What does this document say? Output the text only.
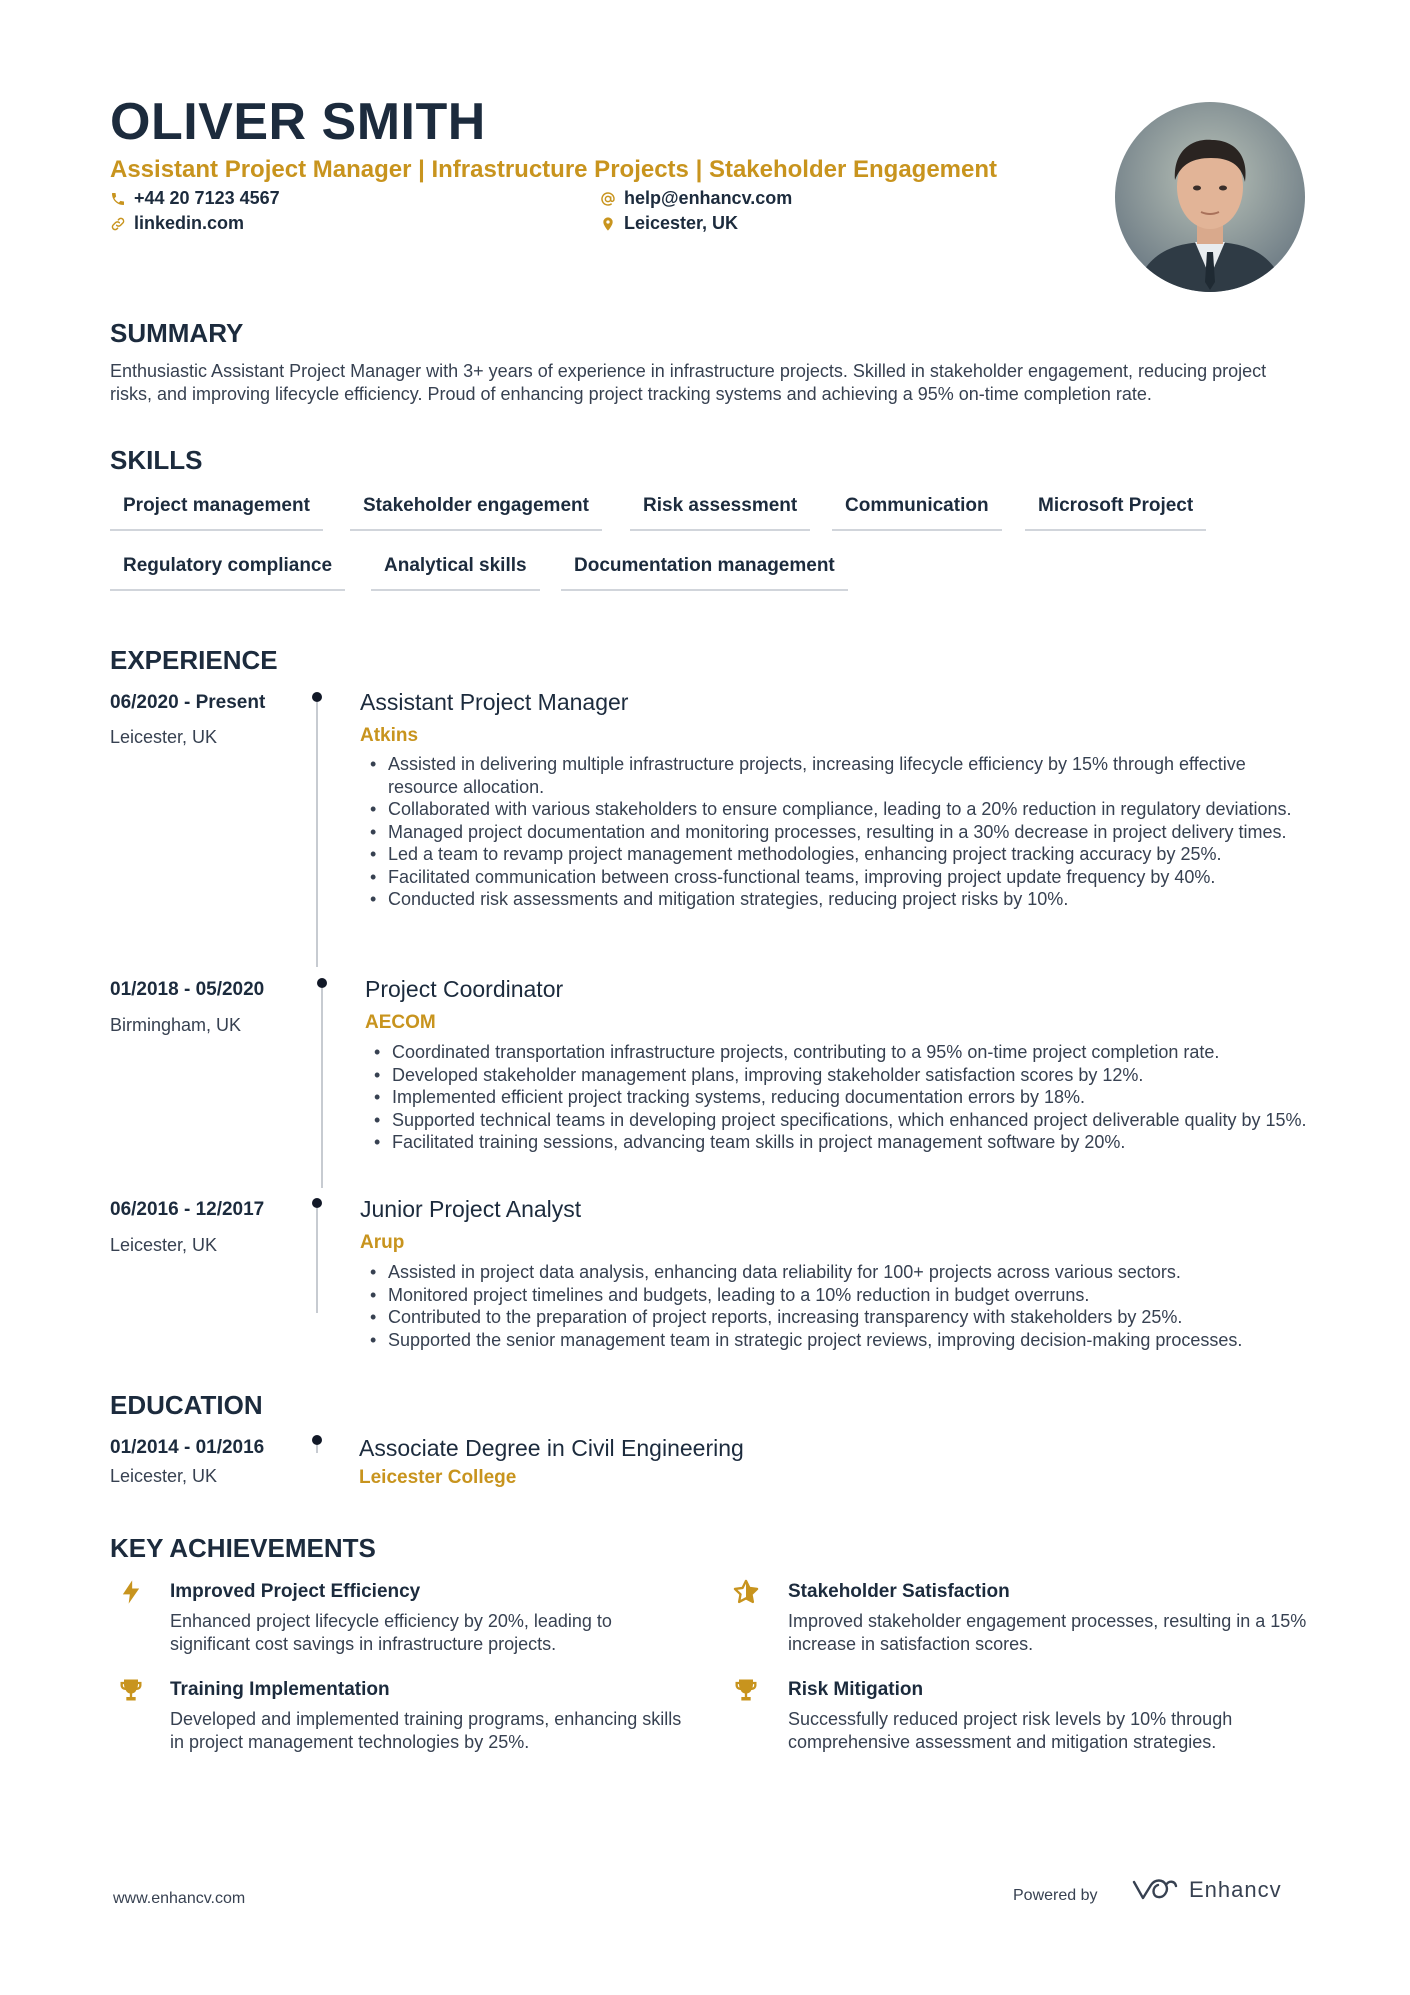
OLIVER SMITH
Assistant Project Manager | Infrastructure Projects | Stakeholder Engagement
+44 20 7123 4567	help@enhancv.com
linkedin.com	Leicester, UK
SUMMARY

Enthusiastic Assistant Project Manager with 3+ years of experience in infrastructure projects. Skilled in stakeholder engagement, reducing project risks, and improving lifecycle efficiency. Proud of enhancing project tracking systems and achieving a 95% on-time completion rate.

SKILLS
Project management	Stakeholder engagement	Risk assessment	Communication	Microsoft Project
Regulatory compliance	Analytical skills	Documentation management
EXPERIENCE
06/2020 - Present
Leicester, UK
Assistant Project Manager
Atkins
• Assisted in delivering multiple infrastructure projects, increasing lifecycle efficiency by 15% through effective resource allocation.
• Collaborated with various stakeholders to ensure compliance, leading to a 20% reduction in regulatory deviations.
• Managed project documentation and monitoring processes, resulting in a 30% decrease in project delivery times.
• Led a team to revamp project management methodologies, enhancing project tracking accuracy by 25%.
• Facilitated communication between cross-functional teams, improving project update frequency by 40%.
• Conducted risk assessments and mitigation strategies, reducing project risks by 10%.
01/2018 - 05/2020
Birmingham, UK
Project Coordinator
AECOM
• Coordinated transportation infrastructure projects, contributing to a 95% on-time project completion rate.
• Developed stakeholder management plans, improving stakeholder satisfaction scores by 12%.
• Implemented efficient project tracking systems, reducing documentation errors by 18%.
• Supported technical teams in developing project specifications, which enhanced project deliverable quality by 15%.
• Facilitated training sessions, advancing team skills in project management software by 20%.
06/2016 - 12/2017
Leicester, UK
Junior Project Analyst
Arup
• Assisted in project data analysis, enhancing data reliability for 100+ projects across various sectors.
• Monitored project timelines and budgets, leading to a 10% reduction in budget overruns.
• Contributed to the preparation of project reports, increasing transparency with stakeholders by 25%.
• Supported the senior management team in strategic project reviews, improving decision-making processes.
EDUCATION
01/2014 - 01/2016
Leicester, UK
Associate Degree in Civil Engineering
Leicester College
KEY ACHIEVEMENTS
Improved Project Efficiency
Enhanced project lifecycle efficiency by 20%, leading to significant cost savings in infrastructure projects.
Stakeholder Satisfaction
Improved stakeholder engagement processes, resulting in a 15% increase in satisfaction scores.
Training Implementation
Developed and implemented training programs, enhancing skills in project management technologies by 25%.
Risk Mitigation
Successfully reduced project risk levels by 10% through comprehensive assessment and mitigation strategies.
www.enhancv.com	Powered by	Enhancv
